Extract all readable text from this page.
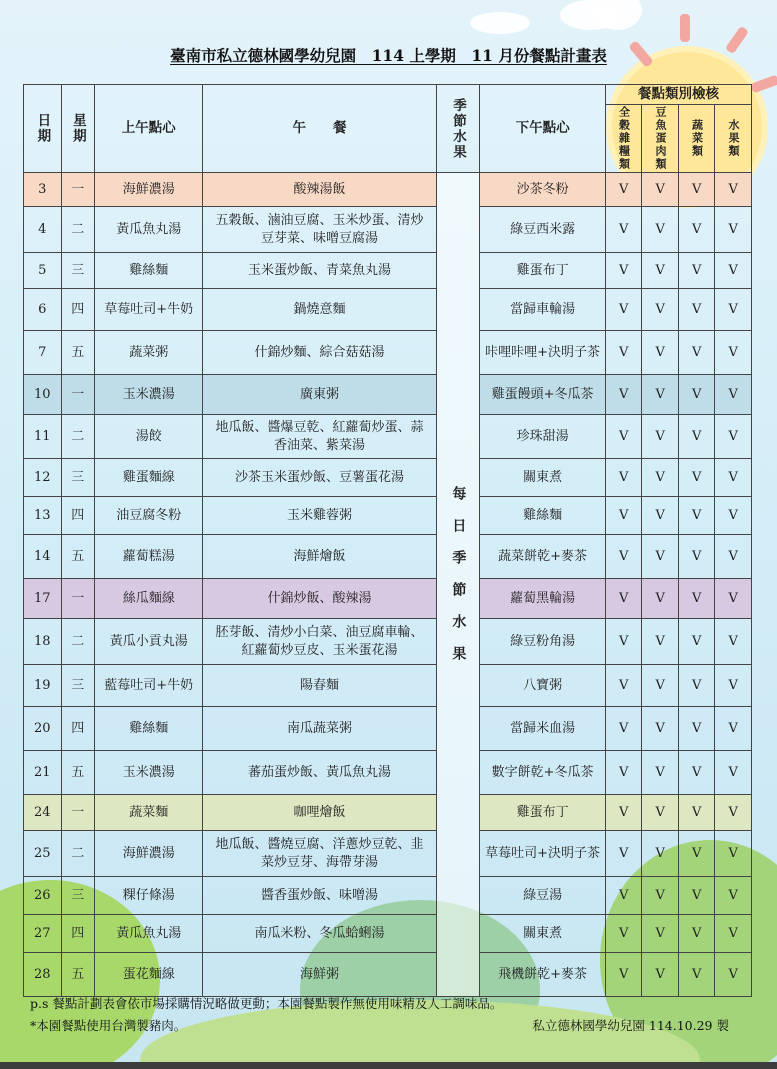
臺南市私立德林國學幼兒園　114 上學期　11 月份餐點計畫表
日期	星期	上午點心	午　　餐	季節水果	下午點心	餐點類別檢核			
						全穀雜糧類	豆魚蛋肉類	蔬菜類	水果類
3	一	海鮮濃湯	酸辣湯飯	每日季節水果	沙茶冬粉	V	V	V	V
4	二	黃瓜魚丸湯	五穀飯、滷油豆腐、玉米炒蛋、清炒豆芽菜、味噌豆腐湯		綠豆西米露	V	V	V	V
5	三	雞絲麵	玉米蛋炒飯、青菜魚丸湯		雞蛋布丁	V	V	V	V
6	四	草莓吐司+牛奶	鍋燒意麵		當歸車輪湯	V	V	V	V
7	五	蔬菜粥	什錦炒麵、綜合菇菇湯		咔哩咔哩+決明子茶	V	V	V	V
10	一	玉米濃湯	廣東粥		雞蛋饅頭+冬瓜茶	V	V	V	V
11	二	湯餃	地瓜飯、醬爆豆乾、紅蘿蔔炒蛋、蒜香油菜、紫菜湯		珍珠甜湯	V	V	V	V
12	三	雞蛋麵線	沙茶玉米蛋炒飯、豆薯蛋花湯		關東煮	V	V	V	V
13	四	油豆腐冬粉	玉米雞蓉粥		雞絲麵	V	V	V	V
14	五	蘿蔔糕湯	海鮮燴飯		蔬菜餅乾+麥茶	V	V	V	V
17	一	絲瓜麵線	什錦炒飯、酸辣湯		蘿蔔黑輪湯	V	V	V	V
18	二	黃瓜小貢丸湯	胚芽飯、清炒小白菜、油豆腐車輪、紅蘿蔔炒豆皮、玉米蛋花湯		綠豆粉角湯	V	V	V	V
19	三	藍莓吐司+牛奶	陽春麵		八寶粥	V	V	V	V
20	四	雞絲麵	南瓜蔬菜粥		當歸米血湯	V	V	V	V
21	五	玉米濃湯	蕃茄蛋炒飯、黃瓜魚丸湯		數字餅乾+冬瓜茶	V	V	V	V
24	一	蔬菜麵	咖哩燴飯		雞蛋布丁	V	V	V	V
25	二	海鮮濃湯	地瓜飯、醬燒豆腐、洋蔥炒豆乾、韭菜炒豆芽、海帶芽湯		草莓吐司+決明子茶	V	V	V	V
26	三	粿仔條湯	醬香蛋炒飯、味噌湯		綠豆湯	V	V	V	V
27	四	黃瓜魚丸湯	南瓜米粉、冬瓜蛤蜊湯		關東煮	V	V	V	V
28	五	蛋花麵線	海鮮粥		飛機餅乾+麥茶	V	V	V	V
p.s 餐點計劃表會依市場採購情況略做更動；本園餐點製作無使用味精及人工調味品。
*本園餐點使用台灣製豬肉。	私立德林國學幼兒園 114.10.29 製
